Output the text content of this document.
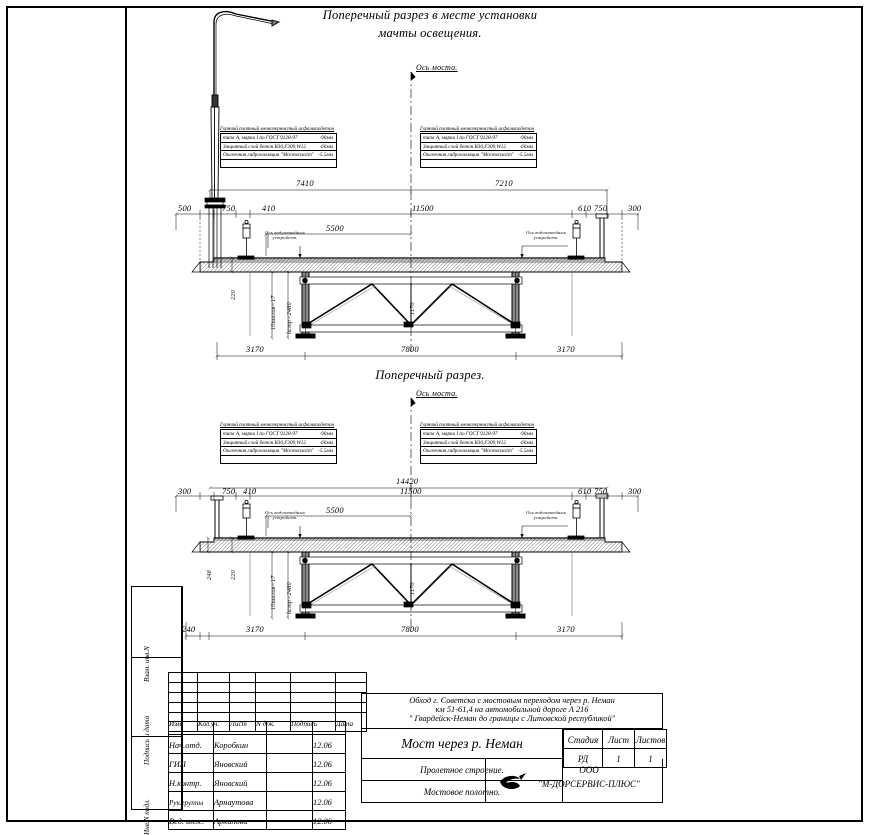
Поперечный разрез в месте установки
мачты освещения.
Ось моста.
Горячий плотный мелкозернистый асфальтобетон
типа А, марки I по ГОСТ 9128-97	-90мм
Защитный слой бетон В30,F300,W12	-60мм
Оклеечная гидроизоляция "Мостопласт" -5.5мм
Горячий плотный мелкозернистый асфальтобетон
типа А, марки I по ГОСТ 9128-97	-90мм
Защитный слой бетон В30,F300,W12	-60мм
Оклеечная гидроизоляция "Мостопласт" -5.5мм
7410	7210
500	750	410	11500	610 750 300
5500
Ось водоотводных
устройств.
Ось водоотводных
устройств.
220
10шагов=17 hстр=2480	1170
3170	7800	3170
Поперечный разрез.
Ось моста.
Горячий плотный мелкозернистый асфальтобетон
типа А, марки I по ГОСТ 9128-97	-90мм
Защитный слой бетон В30,F300,W12	-60мм
Оклеечная гидроизоляция "Мостопласт" -5.5мм
Горячий плотный мелкозернистый асфальтобетон
типа А, марки I по ГОСТ 9128-97	-90мм
Защитный слой бетон В30,F300,W12	-60мм
Оклеечная гидроизоляция "Мостопласт" -5.5мм
14420
300	750 410	11500	610 750 300
5500
Ось водоотводных
устройств.
Ось водоотводных
устройств.
248	220
10шагов=17 hстр=2480	1170
240	3170	7800	3170
Взам. инв.N	

Подпись и дата	

Инв.N подл.	

Изм.	Кол.уч.	Лист	N док.	Подпись	Дата

Нач.отд.	Коробкин		12.06
ГИП	Яновский		12.06
Н.контр.	Яновский		12.06
Рук.группы	Арнаутова		12.06
Вед. инж.	Аркипова		12.06
Обход г. Советска с мостовым переходом через р. Неман
км 51-61,4 на автомобильной дороге А 216
" Гвардейск-Неман до границы с Литовской республикой"
Мост через р. Неман	Стадия	Лист	Листов
РД	1	1
Пролетное строение.
Мостовое полотно.
ООО
"М-ДОРСЕРВИС-ПЛЮС"
